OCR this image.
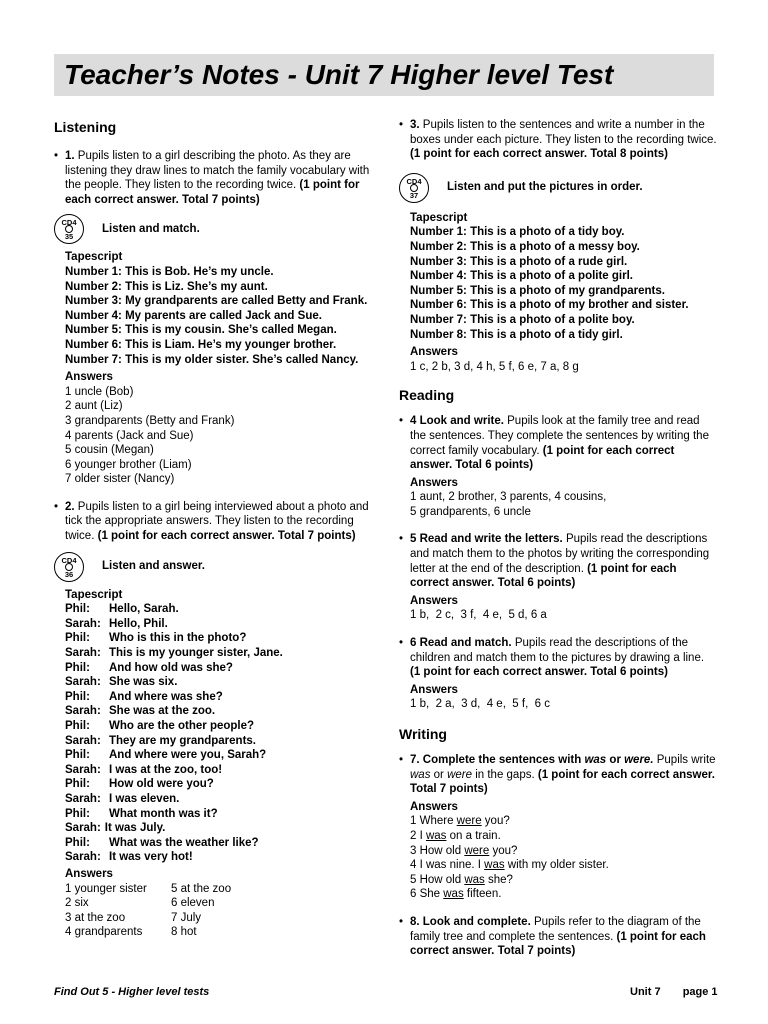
Teacher’s Notes - Unit 7 Higher level Test
Listening
• 1. Pupils listen to a girl describing the photo. As they are listening they draw lines to match the family vocabulary with the people. They listen to the recording twice. (1 point for each correct answer. Total 7 points)
CD4
35
Listen and match.
Tapescript
Number 1: This is Bob. He’s my uncle.
Number 2: This is Liz. She’s my aunt.
Number 3: My grandparents are called Betty and Frank.
Number 4: My parents are called Jack and Sue.
Number 5: This is my cousin. She’s called Megan.
Number 6: This is Liam. He’s my younger brother.
Number 7: This is my older sister. She’s called Nancy.
Answers
1 uncle (Bob)
2 aunt (Liz)
3 grandparents (Betty and Frank)
4 parents (Jack and Sue)
5 cousin (Megan)
6 younger brother (Liam)
7 older sister (Nancy)
• 2. Pupils listen to a girl being interviewed about a photo and tick the appropriate answers. They listen to the recording twice. (1 point for each correct answer. Total 7 points)
CD4
36
Listen and answer.
Tapescript
Phil:	Hello, Sarah.
Sarah: Hello, Phil.
Phil:	Who is this in the photo?
Sarah: This is my younger sister, Jane.
Phil:	And how old was she?
Sarah: She was six.
Phil:	And where was she?
Sarah: She was at the zoo.
Phil:	Who are the other people?
Sarah: They are my grandparents.
Phil:	And where were you, Sarah?
Sarah: I was at the zoo, too!
Phil:	How old were you?
Sarah: I was eleven.
Phil:	What month was it?
Sarah: It was July.
Phil:	What was the weather like?
Sarah: It was very hot!
Answers
1 younger sister	5 at the zoo
2 six	6 eleven
3 at the zoo	7 July
4 grandparents	8 hot
• 3. Pupils listen to the sentences and write a number in the boxes under each picture. They listen to the recording twice. (1 point for each correct answer. Total 8 points)
CD4
37
Listen and put the pictures in order.
Tapescript
Number 1: This is a photo of a tidy boy.
Number 2: This is a photo of a messy boy.
Number 3: This is a photo of a rude girl.
Number 4: This is a photo of a polite girl.
Number 5: This is a photo of my grandparents.
Number 6: This is a photo of my brother and sister.
Number 7: This is a photo of a polite boy.
Number 8: This is a photo of a tidy girl.
Answers
1 c, 2 b, 3 d, 4 h, 5 f, 6 e, 7 a, 8 g
Reading
• 4 Look and write. Pupils look at the family tree and read the sentences. They complete the sentences by writing the correct family vocabulary. (1 point for each correct answer. Total 6 points)
Answers
1 aunt, 2 brother, 3 parents, 4 cousins,
5 grandparents, 6 uncle
• 5 Read and write the letters. Pupils read the descriptions and match them to the photos by writing the corresponding letter at the end of the description. (1 point for each correct answer. Total 6 points)
Answers
1 b,  2 c,  3 f,  4 e,  5 d, 6 a
• 6 Read and match. Pupils read the descriptions of the children and match them to the pictures by drawing a line. (1 point for each correct answer. Total 6 points)
Answers
1 b,  2 a,  3 d,  4 e,  5 f,  6 c
Writing
• 7. Complete the sentences with was or were. Pupils write was or were in the gaps. (1 point for each correct answer. Total 7 points)
Answers
1 Where were you?
2 I was on a train.
3 How old were you?
4 I was nine. I was with my older sister.
5 How old was she?
6 She was fifteen.
• 8. Look and complete. Pupils refer to the diagram of the family tree and complete the sentences. (1 point for each correct answer. Total 7 points)
Find Out 5 - Higher level tests	Unit 7 page 1
